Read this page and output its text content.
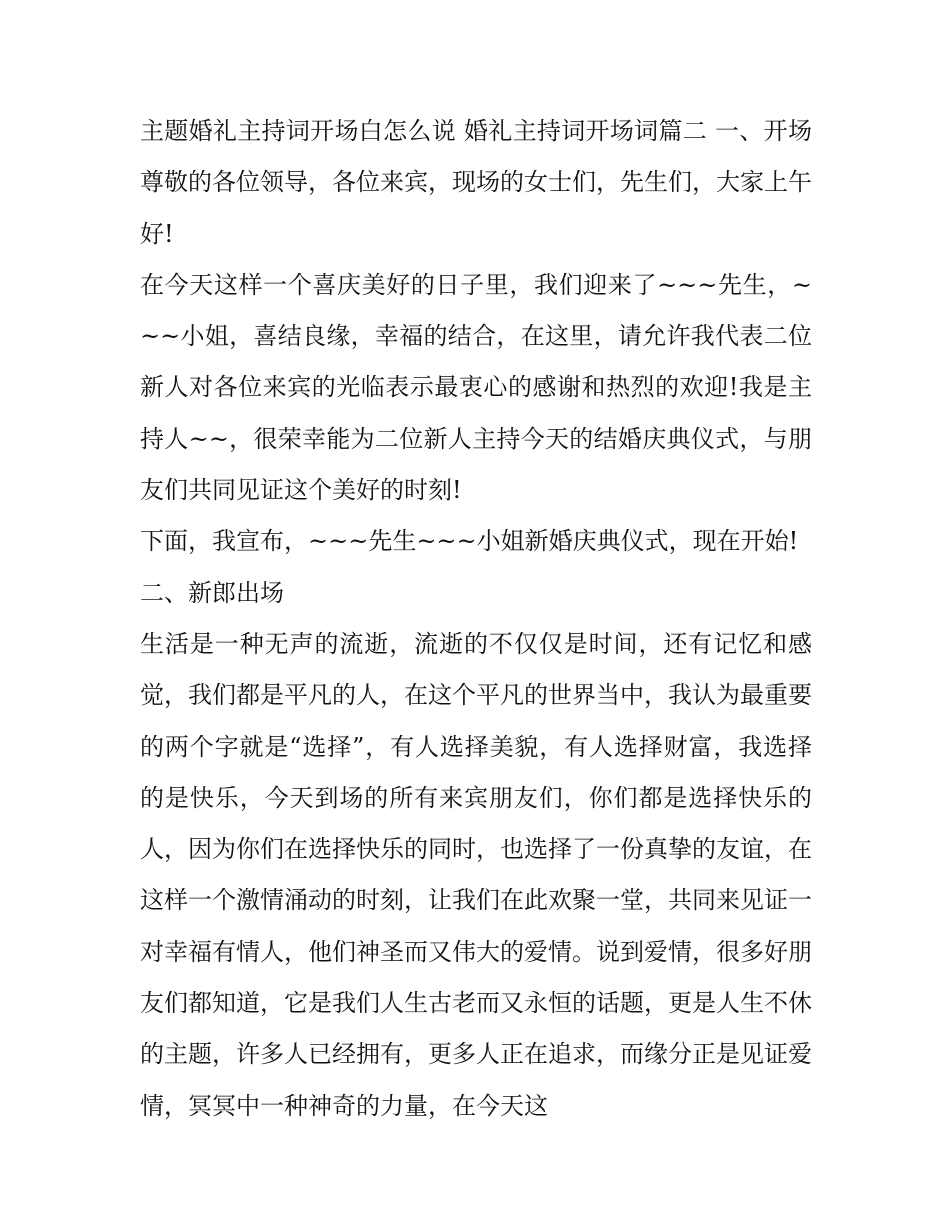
主题婚礼主持词开场白怎么说 婚礼主持词开场词篇二 一、开场 尊敬的各位领导，各位来宾，现场的女士们，先生们，大家上午好!

在今天这样一个喜庆美好的日子里，我们迎来了~~~先生，~~~小姐，喜结良缘，幸福的结合，在这里，请允许我代表二位新人对各位来宾的光临表示最衷心的感谢和热烈的欢迎!我是主持人~~，很荣幸能为二位新人主持今天的结婚庆典仪式，与朋友们共同见证这个美好的时刻!

下面，我宣布，~~~先生~~~小姐新婚庆典仪式，现在开始!

二、新郎出场

生活是一种无声的流逝，流逝的不仅仅是时间，还有记忆和感觉，我们都是平凡的人，在这个平凡的世界当中，我认为最重要的两个字就是“选择”，有人选择美貌，有人选择财富，我选择的是快乐，今天到场的所有来宾朋友们，你们都是选择快乐的人，因为你们在选择快乐的同时，也选择了一份真挚的友谊，在这样一个激情涌动的时刻，让我们在此欢聚一堂，共同来见证一对幸福有情人，他们神圣而又伟大的爱情。说到爱情，很多好朋友们都知道，它是我们人生古老而又永恒的话题，更是人生不休的主题，许多人已经拥有，更多人正在追求，而缘分正是见证爱情，冥冥中一种神奇的力量，在今天这
